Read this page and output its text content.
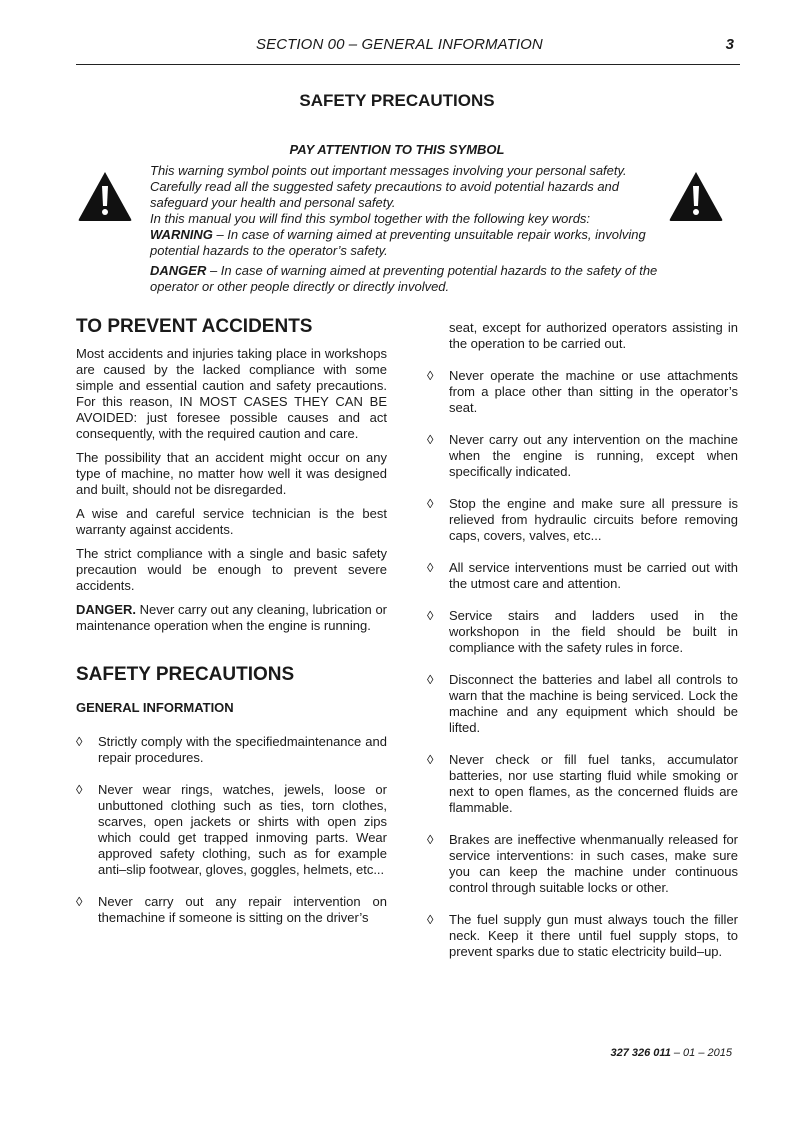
SECTION 00 – GENERAL INFORMATION	3
SAFETY PRECAUTIONS
PAY ATTENTION TO THIS SYMBOL

This warning symbol points out important messages involving your personal safety.

Carefully read all the suggested safety precautions to avoid potential hazards and safeguard your health and personal safety.

In this manual you will find this symbol together with the following key words:

WARNING – In case of warning aimed at preventing unsuitable repair works, involving potential hazards to the operator’s safety.

DANGER – In case of warning aimed at preventing potential hazards to the safety of the operator or other people directly or directly involved.

TO PREVENT ACCIDENTS

Most accidents and injuries taking place in workshops are caused by the lacked compliance with some simple and essential caution and safety precautions. For this reason, IN MOST CASES THEY CAN BE AVOIDED: just foresee possible causes and act consequently, with the required caution and care.

The possibility that an accident might occur on any type of machine, no matter how well it was designed and built, should not be disregarded.

A wise and careful service technician is the best warranty against accidents.

The strict compliance with a single and basic safety precaution would be enough to prevent severe accidents.

DANGER. Never carry out any cleaning, lubrication or maintenance operation when the engine is running.

SAFETY PRECAUTIONS
GENERAL INFORMATION
◊ Strictly comply with the specifiedmaintenance and repair procedures.
◊ Never wear rings, watches, jewels, loose or unbuttoned clothing such as ties, torn clothes, scarves, open jackets or shirts with open zips which could get trapped inmoving parts. Wear approved safety clothing, such as for example anti–slip footwear, gloves, goggles, helmets, etc...
◊ Never carry out any repair intervention on themachine if someone is sitting on the driver’s

seat, except for authorized operators assisting in the operation to be carried out.

◊ Never operate the machine or use attachments from a place other than sitting in the operator’s seat.
◊ Never carry out any intervention on the machine when the engine is running, except when specifically indicated.
◊ Stop the engine and make sure all pressure is relieved from hydraulic circuits before removing caps, covers, valves, etc...
◊ All service interventions must be carried out with the utmost care and attention.
◊ Service stairs and ladders used in the workshopon in the field should be built in compliance with the safety rules in force.
◊ Disconnect the batteries and label all controls to warn that the machine is being serviced. Lock the machine and any equipment which should be lifted.
◊ Never check or fill fuel tanks, accumulator batteries, nor use starting fluid while smoking or next to open flames, as the concerned fluids are flammable.
◊ Brakes are ineffective whenmanually released for service interventions: in such cases, make sure you can keep the machine under continuous control through suitable locks or other.
◊ The fuel supply gun must always touch the filler neck. Keep it there until fuel supply stops, to prevent sparks due to static electricity build–up.
327 326 011 – 01 – 2015
